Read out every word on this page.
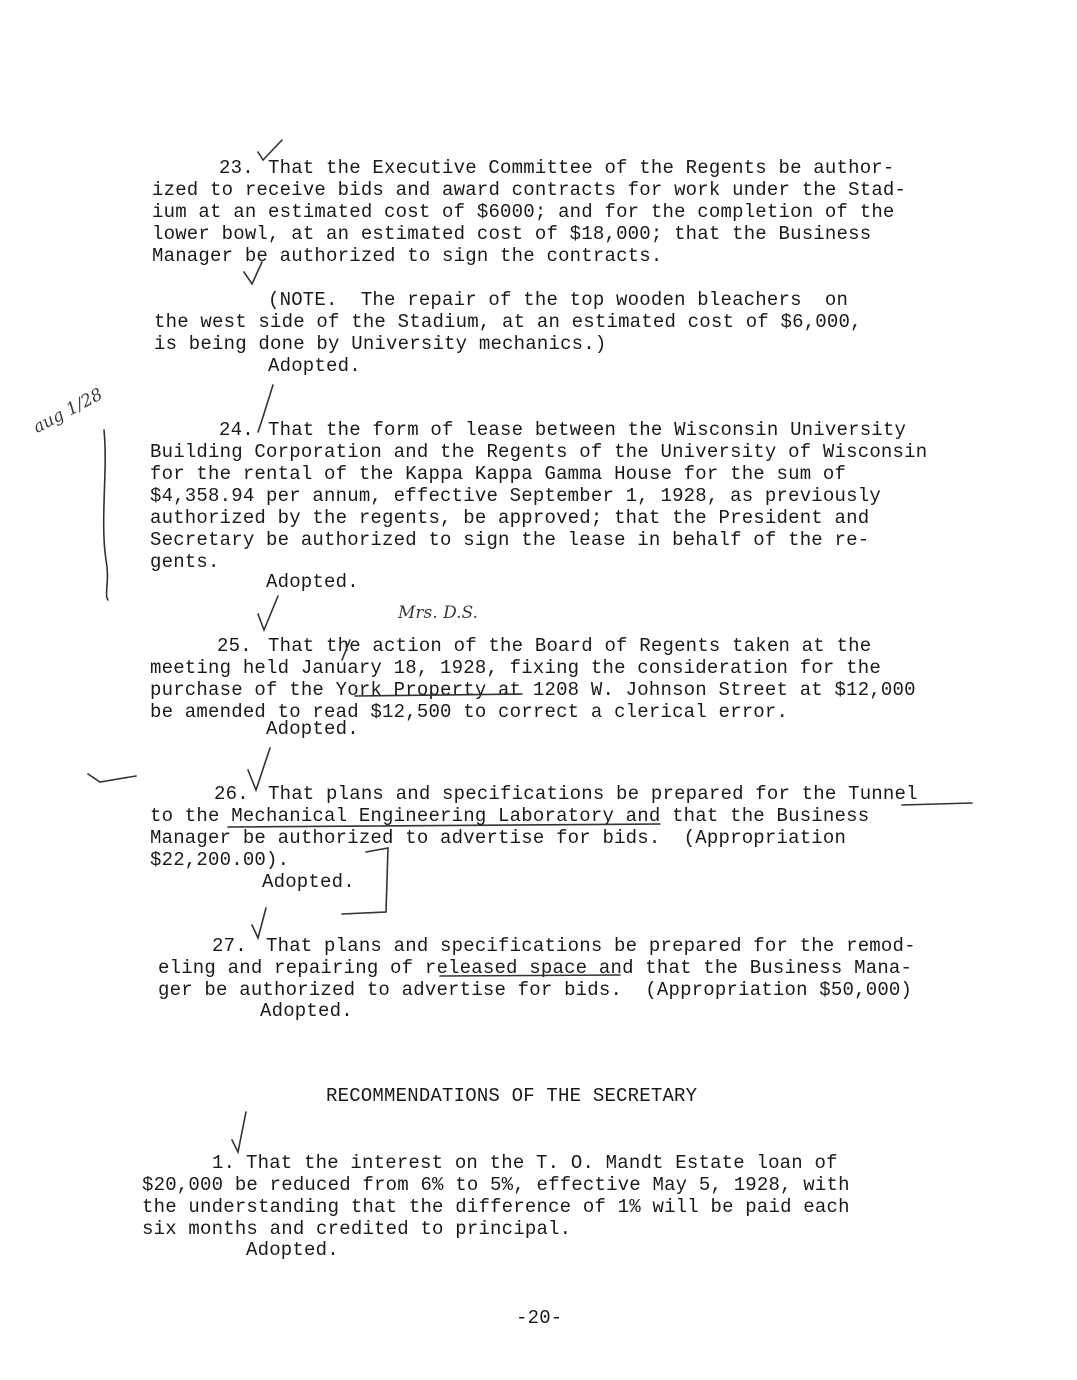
23. That the Executive Committee of the Regents be author-
ized to receive bids and award contracts for work under the Stad-
ium at an estimated cost of $6000; and for the completion of the
lower bowl, at an estimated cost of $18,000; that the Business
Manager be authorized to sign the contracts.
(NOTE.  The repair of the top wooden bleachers  on
the west side of the Stadium, at an estimated cost of $6,000,
is being done by University mechanics.)
Adopted.
24. That the form of lease between the Wisconsin University
Building Corporation and the Regents of the University of Wisconsin
for the rental of the Kappa Kappa Gamma House for the sum of
$4,358.94 per annum, effective September 1, 1928, as previously
authorized by the regents, be approved; that the President and
Secretary be authorized to sign the lease in behalf of the re-
gents.
Adopted.
25. That the action of the Board of Regents taken at the
meeting held January 18, 1928, fixing the consideration for the
purchase of the York Property at 1208 W. Johnson Street at $12,000
be amended to read $12,500 to correct a clerical error.
Adopted.
26. That plans and specifications be prepared for the Tunnel
to the Mechanical Engineering Laboratory and that the Business
Manager be authorized to advertise for bids.  (Appropriation
$22,200.00).
Adopted.
27. That plans and specifications be prepared for the remod-
eling and repairing of released space and that the Business Mana-
ger be authorized to advertise for bids.  (Appropriation $50,000)
Adopted.
RECOMMENDATIONS OF THE SECRETARY
1. That the interest on the T. O. Mandt Estate loan of
$20,000 be reduced from 6% to 5%, effective May 5, 1928, with
the understanding that the difference of 1% will be paid each
six months and credited to principal.
Adopted.
-20-
aug 1/28
Mrs. D.S.
